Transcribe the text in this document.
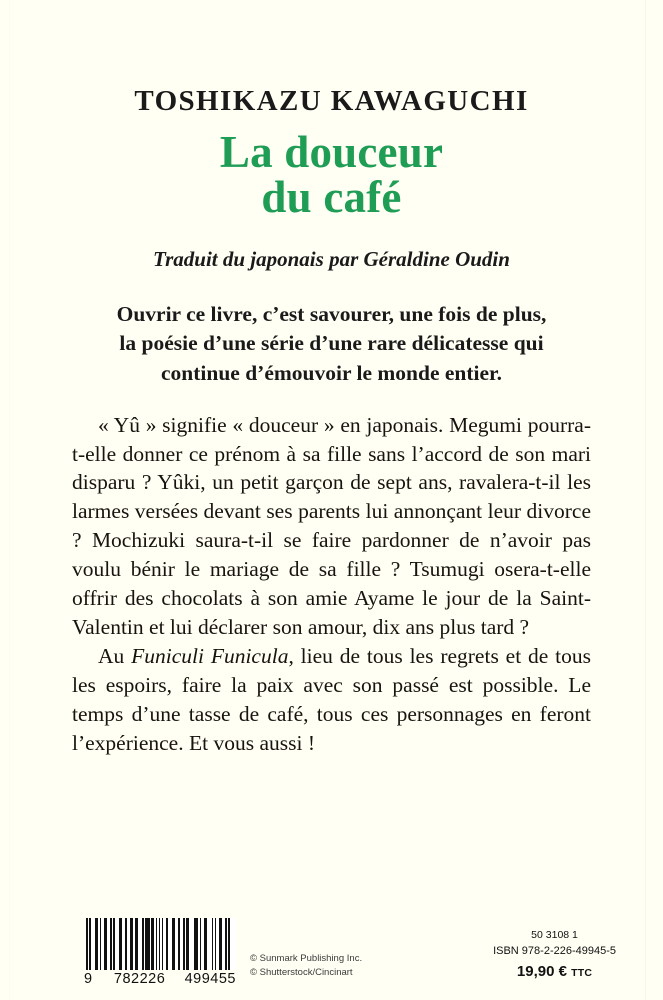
TOSHIKAZU KAWAGUCHI
La douceur
du café
Traduit du japonais par Géraldine Oudin
Ouvrir ce livre, c’est savourer, une fois de plus,
la poésie d’une série d’une rare délicatesse qui
continue d’émouvoir le monde entier.

« Yû » signifie « douceur » en japonais. Megumi pourra-t-elle donner ce prénom à sa fille sans l’accord de son mari disparu ? Yûki, un petit garçon de sept ans, ravalera-t-il les larmes versées devant ses parents lui annonçant leur divorce ? Mochizuki saura-t-il se faire pardonner de n’avoir pas voulu bénir le mariage de sa fille ? Tsumugi osera-t-elle offrir des chocolats à son amie Ayame le jour de la Saint-Valentin et lui déclarer son amour, dix ans plus tard ?

Au Funiculi Funicula, lieu de tous les regrets et de tous les espoirs, faire la paix avec son passé est possible. Le temps d’une tasse de café, tous ces personnages en feront l’expérience. Et vous aussi !

9 782226 499455
© Sunmark Publishing Inc.
© Shutterstock/Cincinart
50 3108 1
ISBN 978-2-226-49945-5
19,90 € TTC
